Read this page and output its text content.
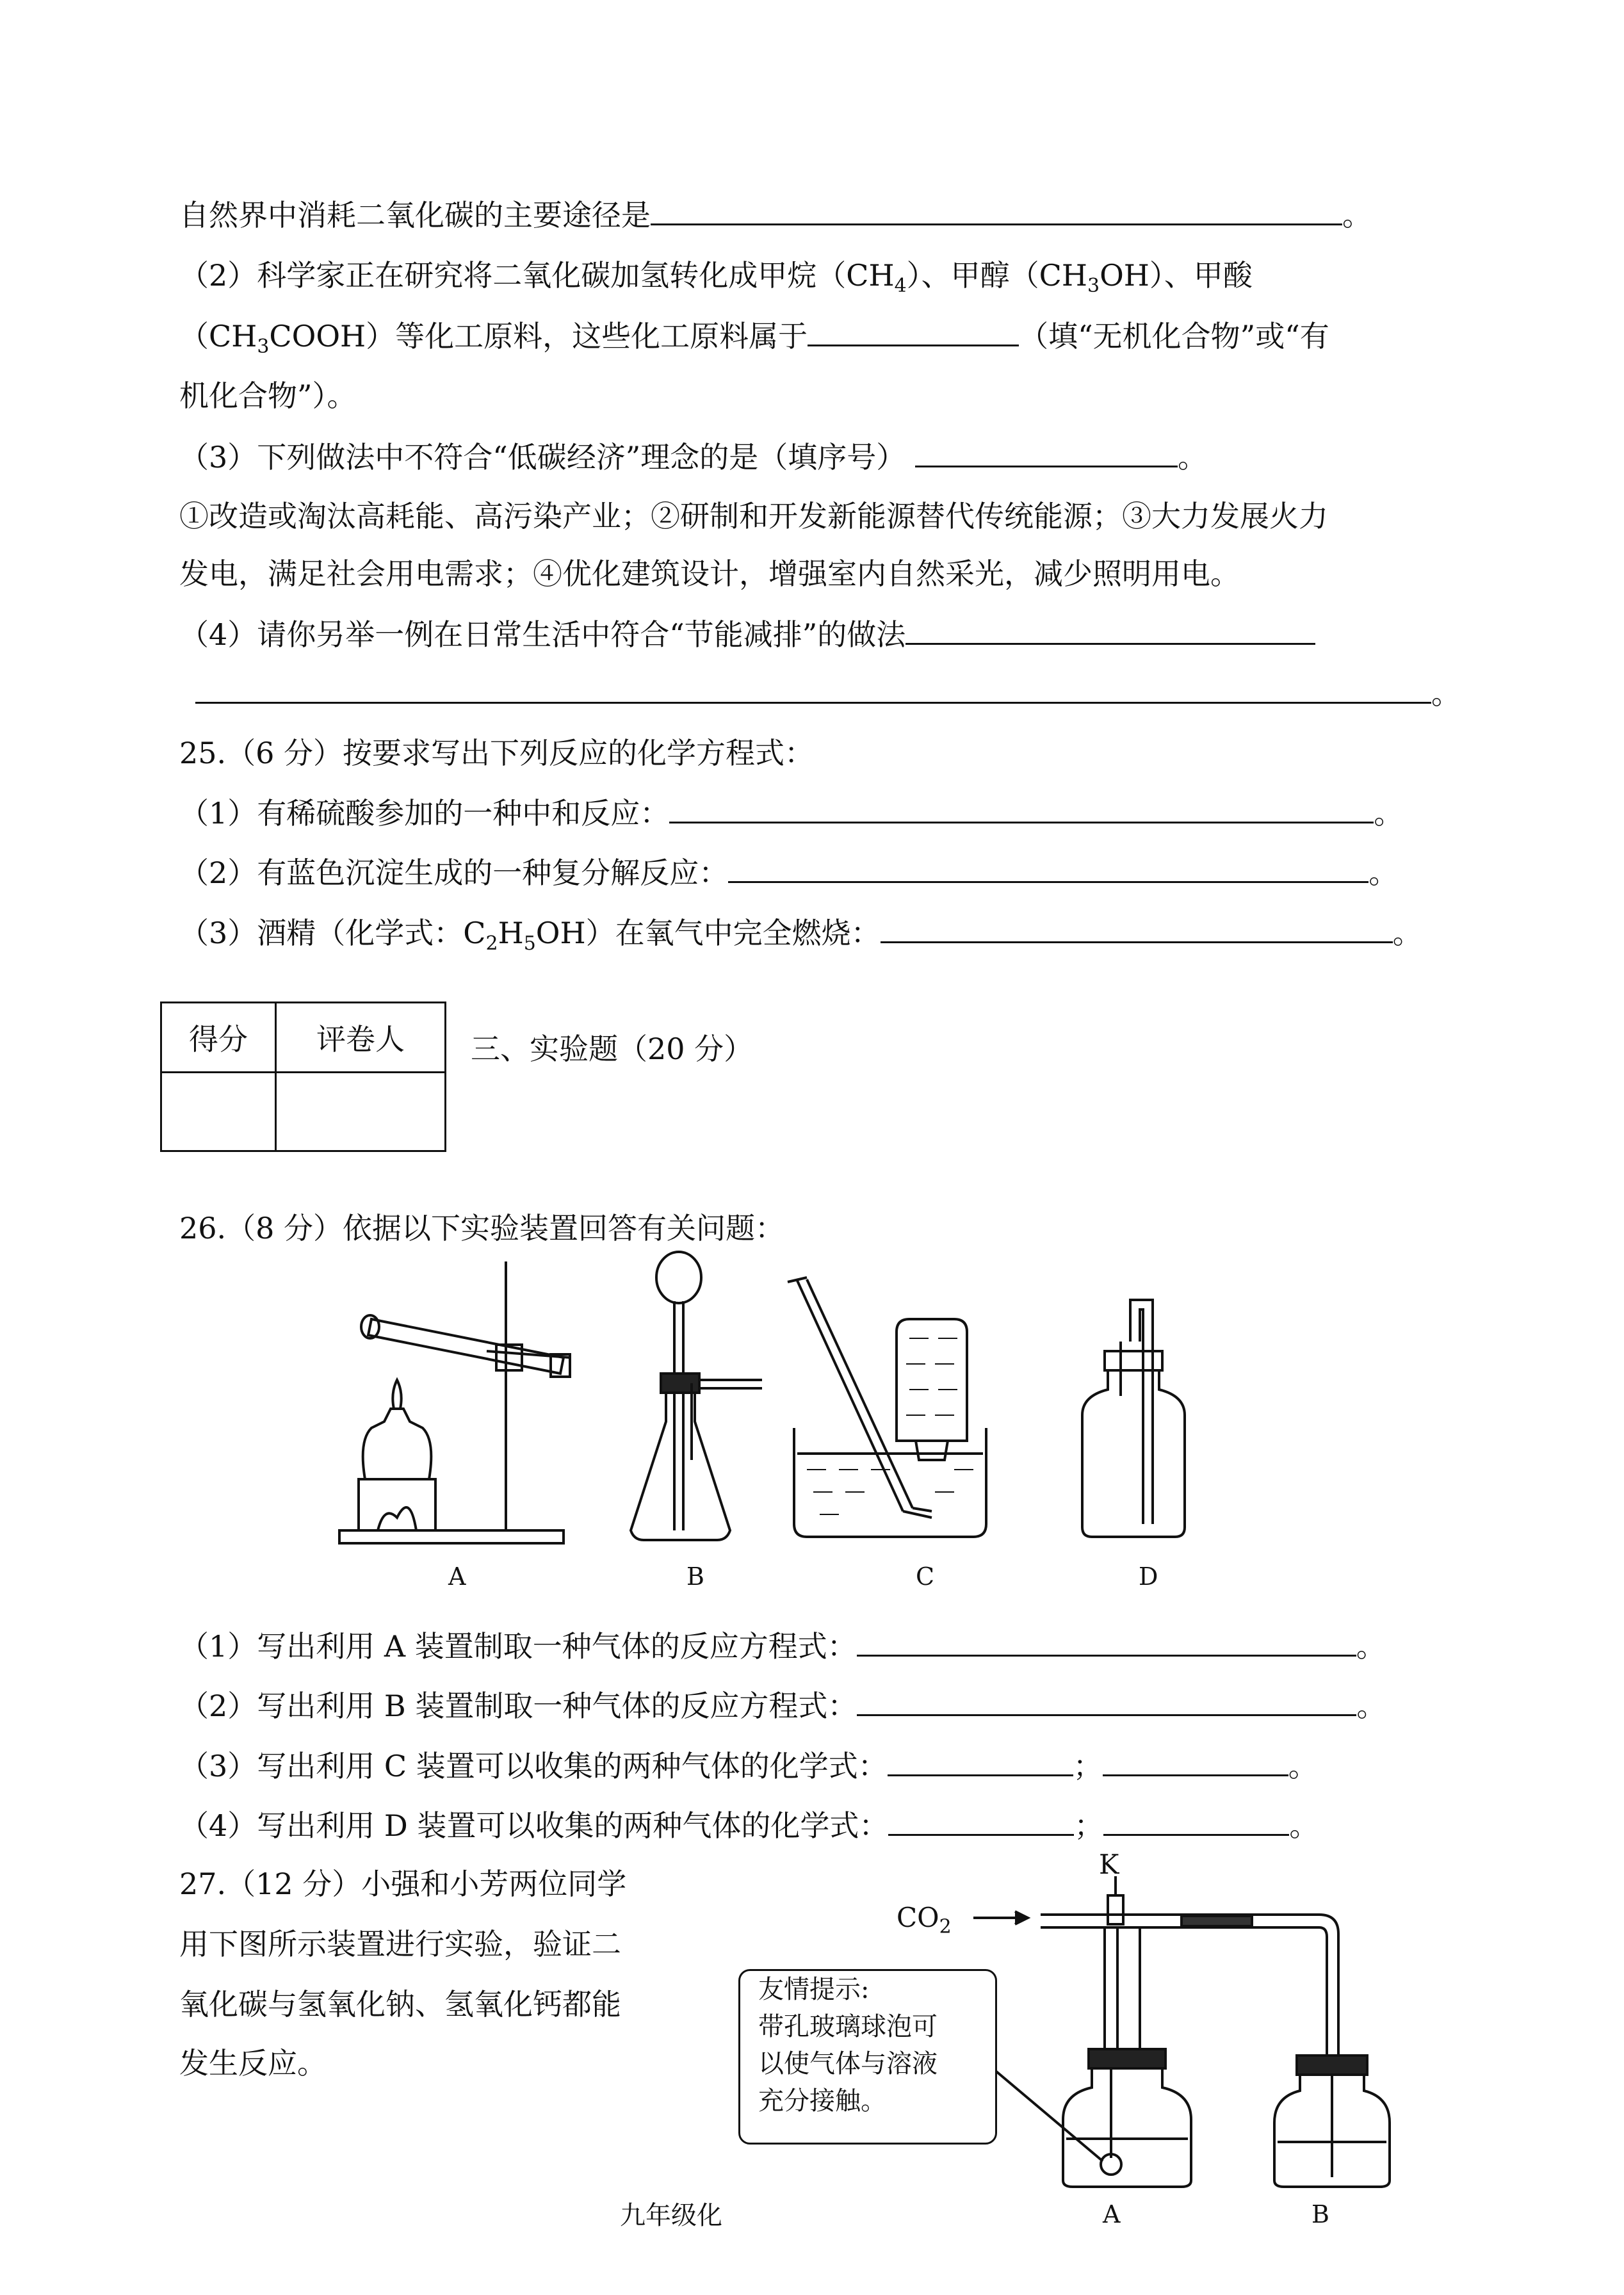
自然界中消耗二氧化碳的主要途径是	。
（2）科学家正在研究将二氧化碳加氢转化成甲烷$(CH_4)$、甲醇$(CH_3OH)$、甲酸
$(CH_3COOH)$等化工原料，这些化工原料属于	（填“无机化合物”或“有
机化合物”）。
（3）下列做法中不符合“低碳经济”理念的是（填序号）	。
①改造或淘汰高耗能、高污染产业；②研制和开发新能源替代传统能源；③大力发展火力
发电，满足社会用电需求；④优化建筑设计，增强室内自然采光，减少照明用电。
（4）请你另举一例在日常生活中符合“节能减排”的做法
。
25.（6 分）按要求写出下列反应的化学方程式：
（1）有稀硫酸参加的一种中和反应：	。
（2）有蓝色沉淀生成的一种复分解反应：	。
（3）酒精（化学式：$C_2H_5OH$）在氧气中完全燃烧：	。
得分	评卷人
	三、实验题（20 分）
26.（8 分）依据以下实验装置回答有关问题：
A	B	C	D
（1）写出利用 A 装置制取一种气体的反应方程式：	。
（2）写出利用 B 装置制取一种气体的反应方程式：	。
（3）写出利用 C 装置可以收集的两种气体的化学式：	；	。
（4）写出利用 D 装置可以收集的两种气体的化学式：	；	。
27.（12 分）小强和小芳两位同学
用下图所示装置进行实验，验证二
氧化碳与氢氧化钠、氢氧化钙都能
发生反应。
K
$CO_2$
友情提示:
带孔玻璃球泡可
以使气体与溶液
充分接触。
A	B
九年级化
